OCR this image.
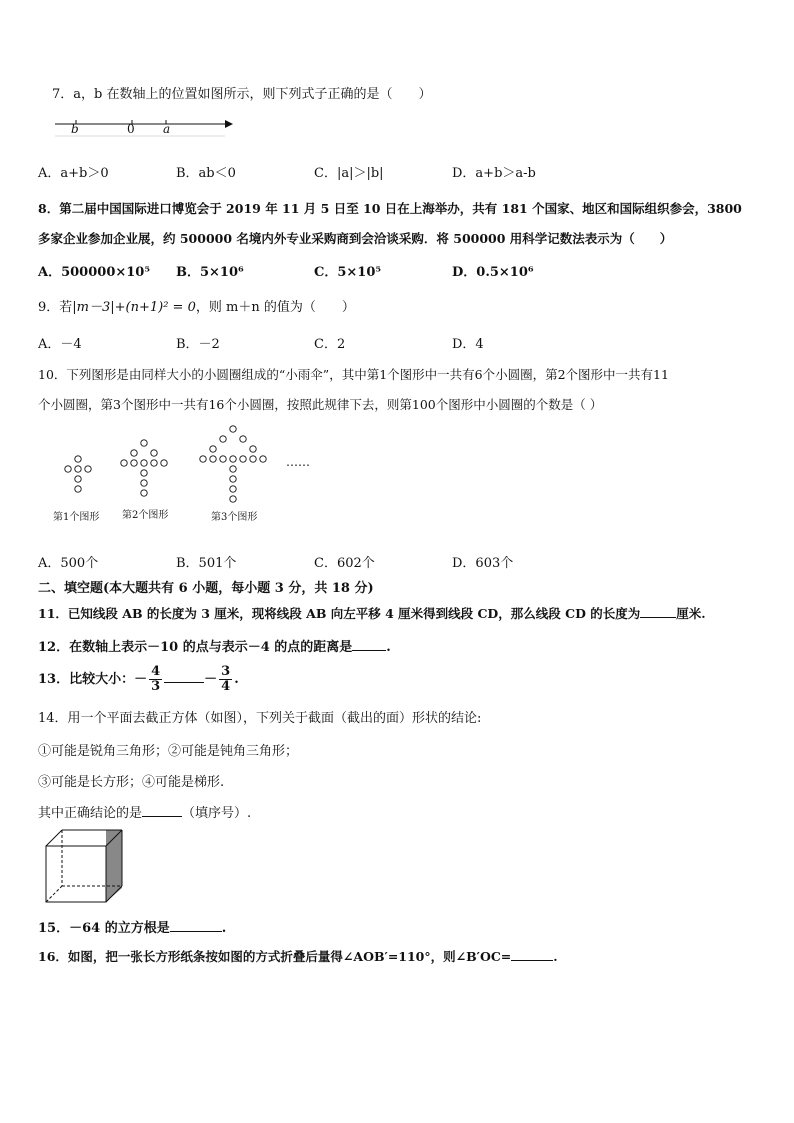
7．a，b 在数轴上的位置如图所示，则下列式子正确的是（　　）
b	0 a
A．a+b＞0	B．ab＜0	C．|a|＞|b|	D．a+b＞a-b
8．第二届中国国际进口博览会于 2019 年 11 月 5 日至 10 日在上海举办，共有 181 个国家、地区和国际组织参会，3800
多家企业参加企业展，约 500000 名境内外专业采购商到会洽谈采购．将 500000 用科学记数法表示为（　　）
A．500000×10⁵ B．5×10⁶	C．5×10⁵	D．0.5×10⁶
9．若|m－3|+(n+1)² = 0，则 m＋n 的值为（　　）
A．－4	B．－2	C．2	D．4
10．下列图形是由同样大小的小圆圈组成的“小雨伞”，其中第1个图形中一共有6个小圆圈，第2个图形中一共有11
个小圆圈，第3个图形中一共有16个小圆圈，按照此规律下去，则第100个图形中小圆圈的个数是（ ）
第1个图形 第2个图形	第3个图形
……
A．500个	B．501个	C．602个	D．603个
二、填空题(本大题共有 6 小题，每小题 3 分，共 18 分)
11．已知线段 AB 的长度为 3 厘米，现将线段 AB 向左平移 4 厘米得到线段 CD，那么线段 CD 的长度为	厘米.
12．在数轴上表示－10 的点与表示－4 的点的距离是	.
13．比较大小：－ $\frac{4}{3}$	－ $\frac{3}{4}$ .
14．用一个平面去截正方体（如图），下列关于截面（截出的面）形状的结论:
①可能是锐角三角形；②可能是钝角三角形；
③可能是长方形；④可能是梯形.
其中正确结论的是	（填序号）.
15．－64 的立方根是	.
16．如图，把一张长方形纸条按如图的方式折叠后量得∠AOB′=110°，则∠B′OC=	.
